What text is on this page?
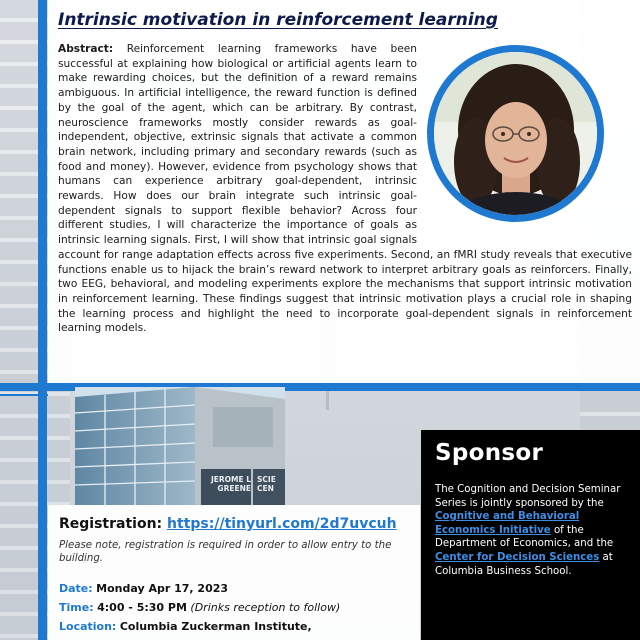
Intrinsic motivation in reinforcement learning

Abstract: Reinforcement learning frameworks have been successful at explaining how biological or artificial agents learn to make rewarding choices, but the definition of a reward remains ambiguous. In artificial intelligence, the reward function is defined by the goal of the agent, which can be arbitrary. By contrast, neuroscience frameworks mostly consider rewards as goal-independent, objective, extrinsic signals that activate a common brain network, including primary and secondary rewards (such as food and money). However, evidence from psychology shows that humans can experience arbitrary goal-dependent, intrinsic rewards. How does our brain integrate such intrinsic goal-dependent signals to support flexible behavior? Across four different studies, I will characterize the importance of goals as intrinsic learning signals. First, I will show that intrinsic goal signals account for range adaptation effects across five experiments. Second, an fMRI study reveals that executive functions enable us to hijack the brain’s reward network to interpret arbitrary goals as reinforcers. Finally, two EEG, behavioral, and modeling experiments explore the mechanisms that support intrinsic motivation in reinforcement learning. These findings suggest that intrinsic motivation plays a crucial role in shaping the learning process and highlight the need to incorporate goal-dependent signals in reinforcement learning models.

JEROME L
GREENE
SCIE
CEN

Registration: https://tinyurl.com/2d7uvcuh

Please note, registration is required in order to allow entry to the building.

Date: Monday Apr 17, 2023

Time: 4:00 - 5:30 PM (Drinks reception to follow)

Location: Columbia Zuckerman Institute,

Sponsor

The Cognition and Decision Seminar Series is jointly sponsored by the Cognitive and Behavioral Economics Initiative of the Department of Economics, and the Center for Decision Sciences at Columbia Business School.
